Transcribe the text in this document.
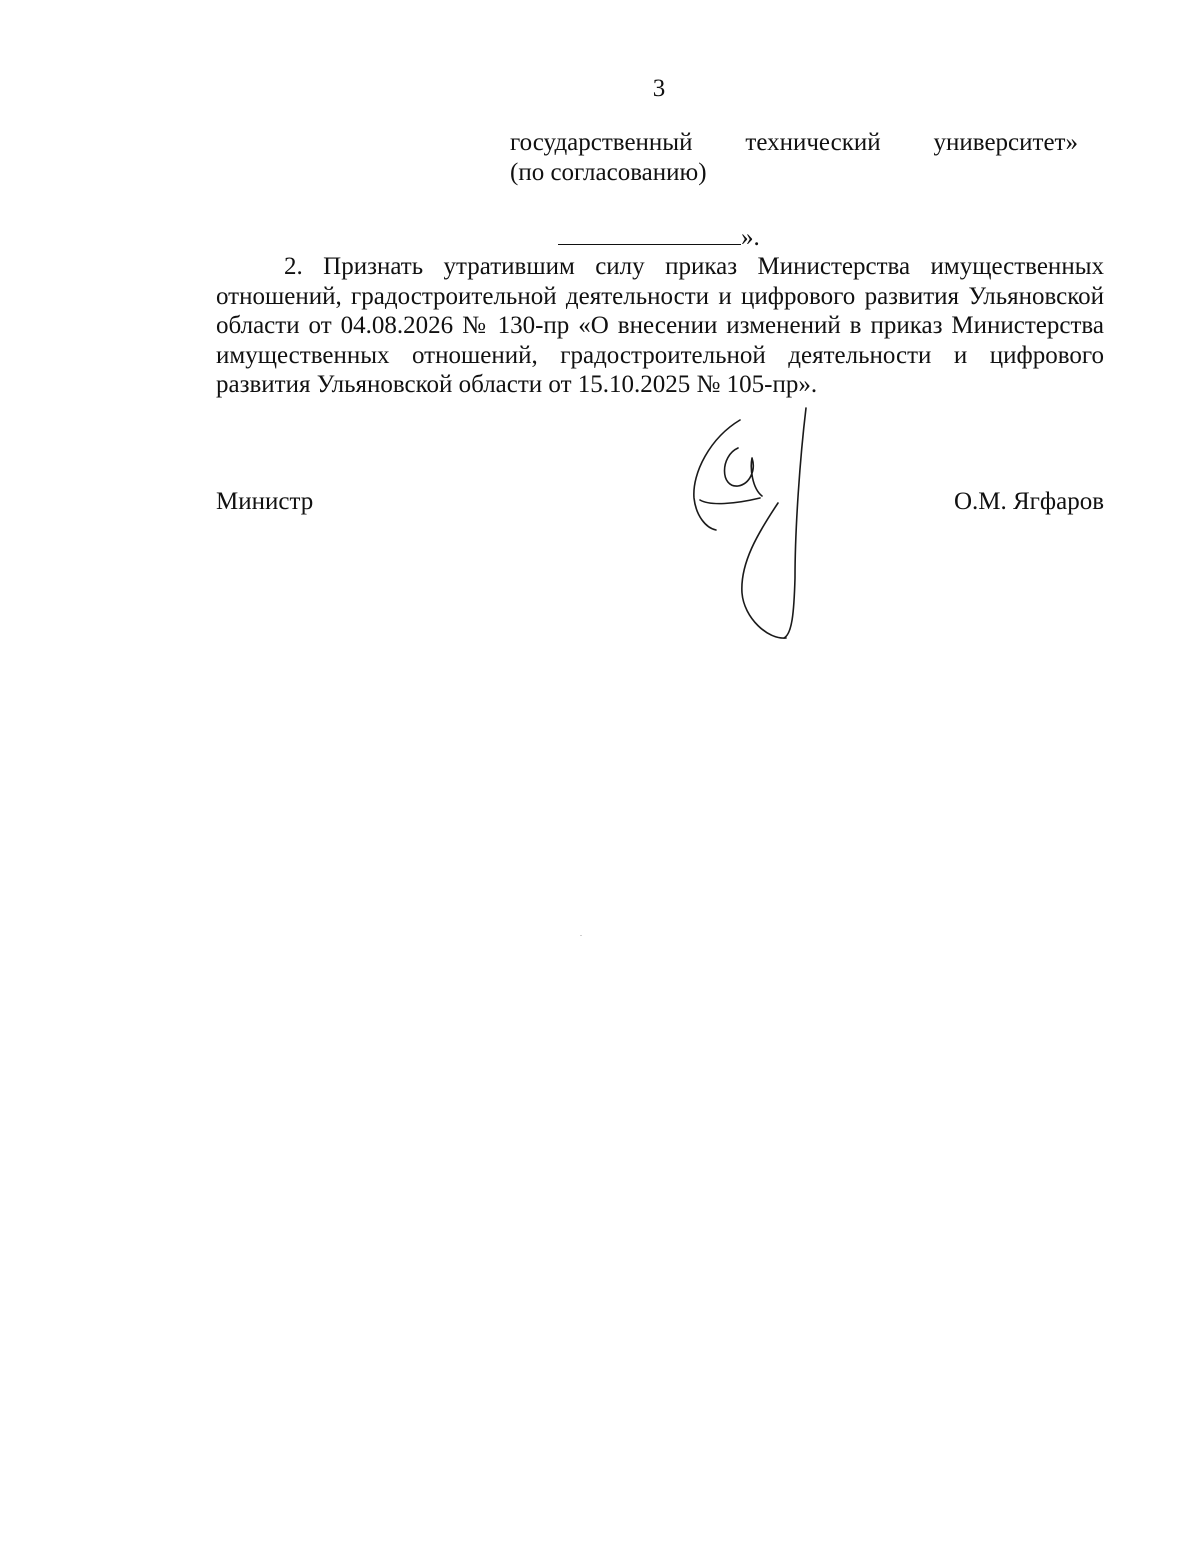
3
государственный технический университет»
(по согласованию)
».
2. Признать утратившим силу приказ Министерства имущественных отношений, градостроительной деятельности и цифрового развития Ульяновской области от 04.08.2026 № 130-пр «О внесении изменений в приказ Министерства имущественных отношений, градостроительной деятельности и цифрового развития Ульяновской области от 15.10.2025 № 105-пр».
Министр	О.М. Ягфаров
